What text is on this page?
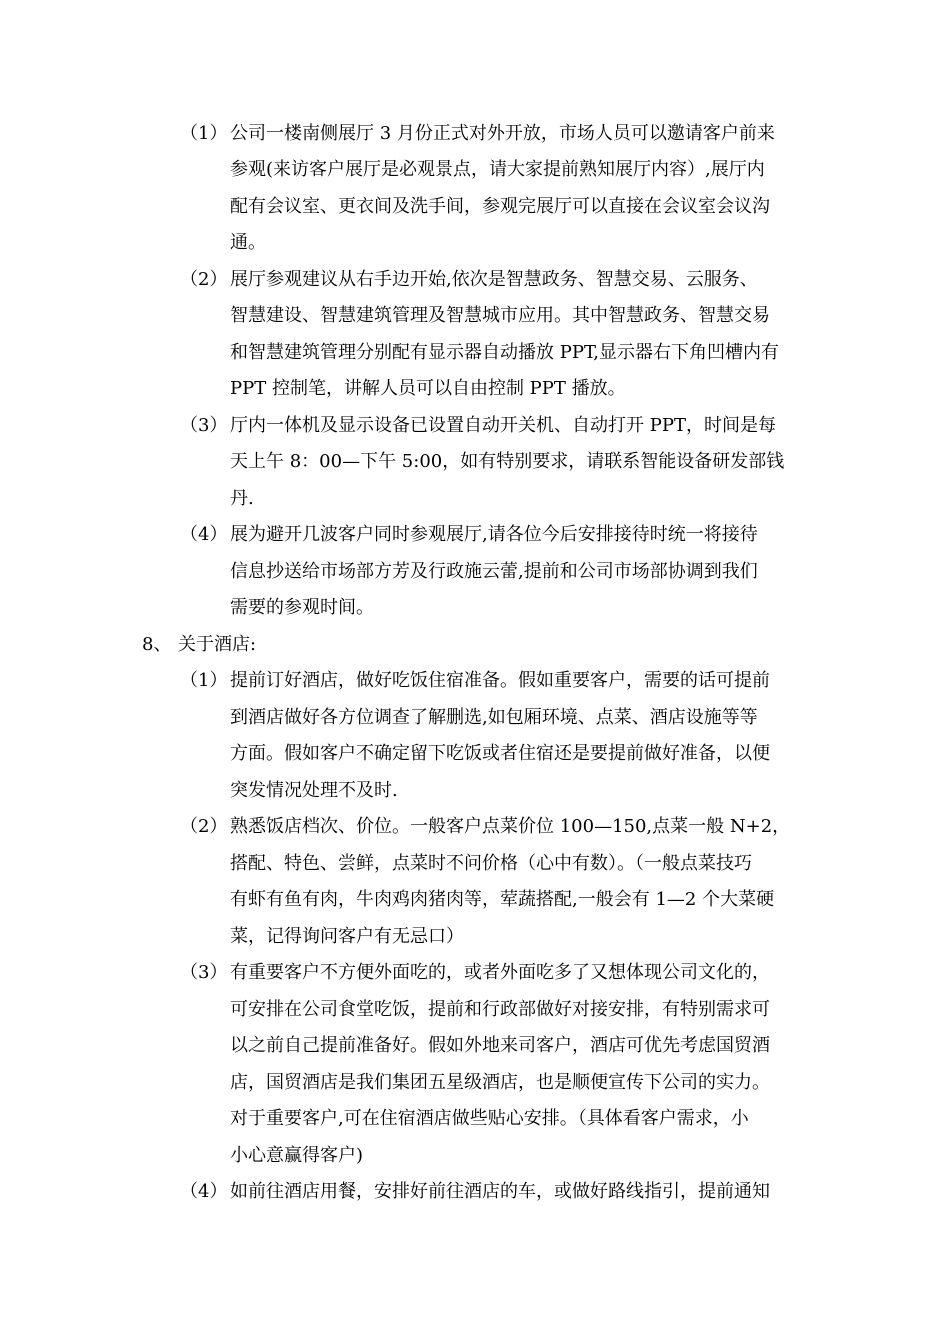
（1） 公司一楼南侧展厅 3 月份正式对外开放，市场人员可以邀请客户前来
参观(来访客户展厅是必观景点，请大家提前熟知展厅内容）,展厅内
配有会议室、更衣间及洗手间，参观完展厅可以直接在会议室会议沟
通。
（2） 展厅参观建议从右手边开始,依次是智慧政务、智慧交易、云服务、
智慧建设、智慧建筑管理及智慧城市应用。其中智慧政务、智慧交易
和智慧建筑管理分别配有显示器自动播放 PPT,显示器右下角凹槽内有
PPT 控制笔，讲解人员可以自由控制 PPT 播放。
（3） 厅内一体机及显示设备已设置自动开关机、自动打开 PPT，时间是每
天上午 8：00—下午 5:00，如有特别要求，请联系智能设备研发部钱
丹.
（4） 展为避开几波客户同时参观展厅,请各位今后安排接待时统一将接待
信息抄送给市场部方芳及行政施云蕾,提前和公司市场部协调到我们
需要的参观时间。
8、 关于酒店:
（1） 提前订好酒店，做好吃饭住宿准备。假如重要客户，需要的话可提前
到酒店做好各方位调查了解删选,如包厢环境、点菜、酒店设施等等
方面。假如客户不确定留下吃饭或者住宿还是要提前做好准备，以便
突发情况处理不及时.
（2） 熟悉饭店档次、价位。一般客户点菜价位 100—150,点菜一般 N+2，
搭配、特色、尝鲜，点菜时不问价格（心中有数）。（一般点菜技巧
有虾有鱼有肉，牛肉鸡肉猪肉等，荤蔬搭配,一般会有 1—2 个大菜硬
菜，记得询问客户有无忌口）
（3） 有重要客户不方便外面吃的，或者外面吃多了又想体现公司文化的，
可安排在公司食堂吃饭，提前和行政部做好对接安排，有特别需求可
以之前自己提前准备好。假如外地来司客户，酒店可优先考虑国贸酒
店，国贸酒店是我们集团五星级酒店，也是顺便宣传下公司的实力。
对于重要客户,可在住宿酒店做些贴心安排。（具体看客户需求，小
小心意赢得客户)
（4） 如前往酒店用餐，安排好前往酒店的车，或做好路线指引，提前通知
